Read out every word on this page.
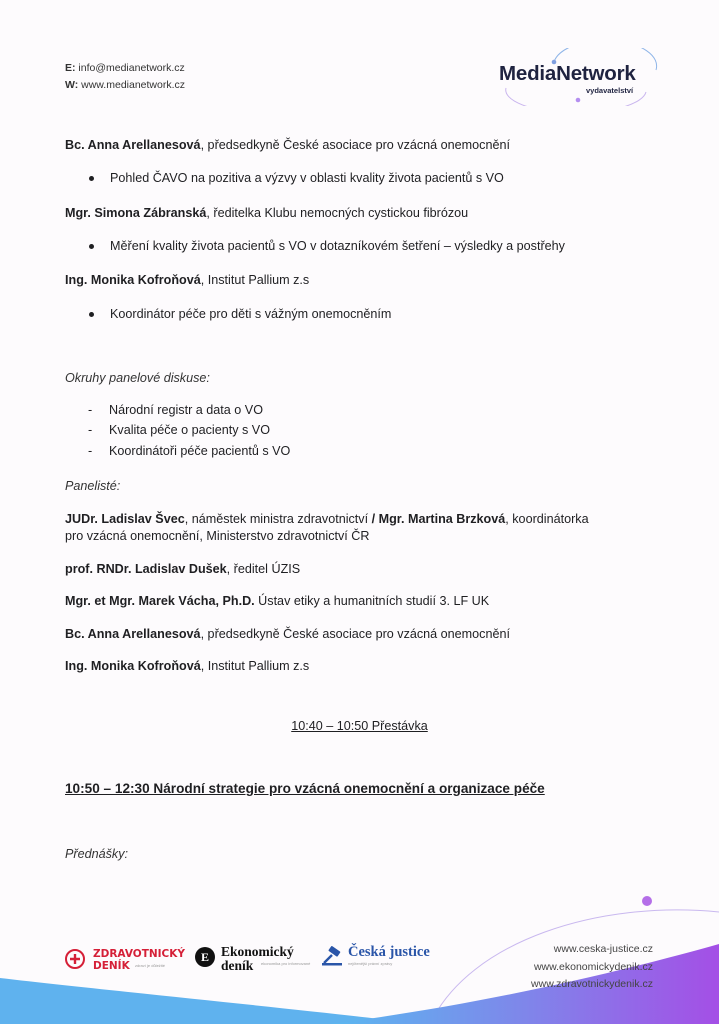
E: info@medianetwork.cz
W: www.medianetwork.cz	MediaNetwork
vydavatelství
Bc. Anna Arellanesová, předsedkyně České asociace pro vzácná onemocnění
Pohled ČAVO na pozitiva a výzvy v oblasti kvality života pacientů s VO
Mgr. Simona Zábranská, ředitelka Klubu nemocných cystickou fibrózou
Měření kvality života pacientů s VO v dotazníkovém šetření – výsledky a postřehy
Ing. Monika Kofroňová, Institut Pallium z.s
Koordinátor péče pro děti s vážným onemocněním
Okruhy panelové diskuse:
- Národní registr a data o VO
- Kvalita péče o pacienty s VO
- Koordinátoři péče pacientů s VO
Panelisté:
JUDr. Ladislav Švec, náměstek ministra zdravotnictví / Mgr. Martina Brzková, koordinátorka
pro vzácná onemocnění, Ministerstvo zdravotnictví ČR
prof. RNDr. Ladislav Dušek, ředitel ÚZIS
Mgr. et Mgr. Marek Vácha, Ph.D. Ústav etiky a humanitních studií 3. LF UK
Bc. Anna Arellanesová, předsedkyně České asociace pro vzácná onemocnění
Ing. Monika Kofroňová, Institut Pallium z.s
10:40 – 10:50 Přestávka
10:50 – 12:30 Národní strategie pro vzácná onemocnění a organizace péče
Přednášky:
ZDRAVOTNICKÝ
DENÍK zdraví je důležité
E Ekonomický
deník ekonomika pro informované
Česká justice
nejčtenější právní zprávy
www.ceska-justice.cz
www.ekonomickydenik.cz
www.zdravotnickydenik.cz
